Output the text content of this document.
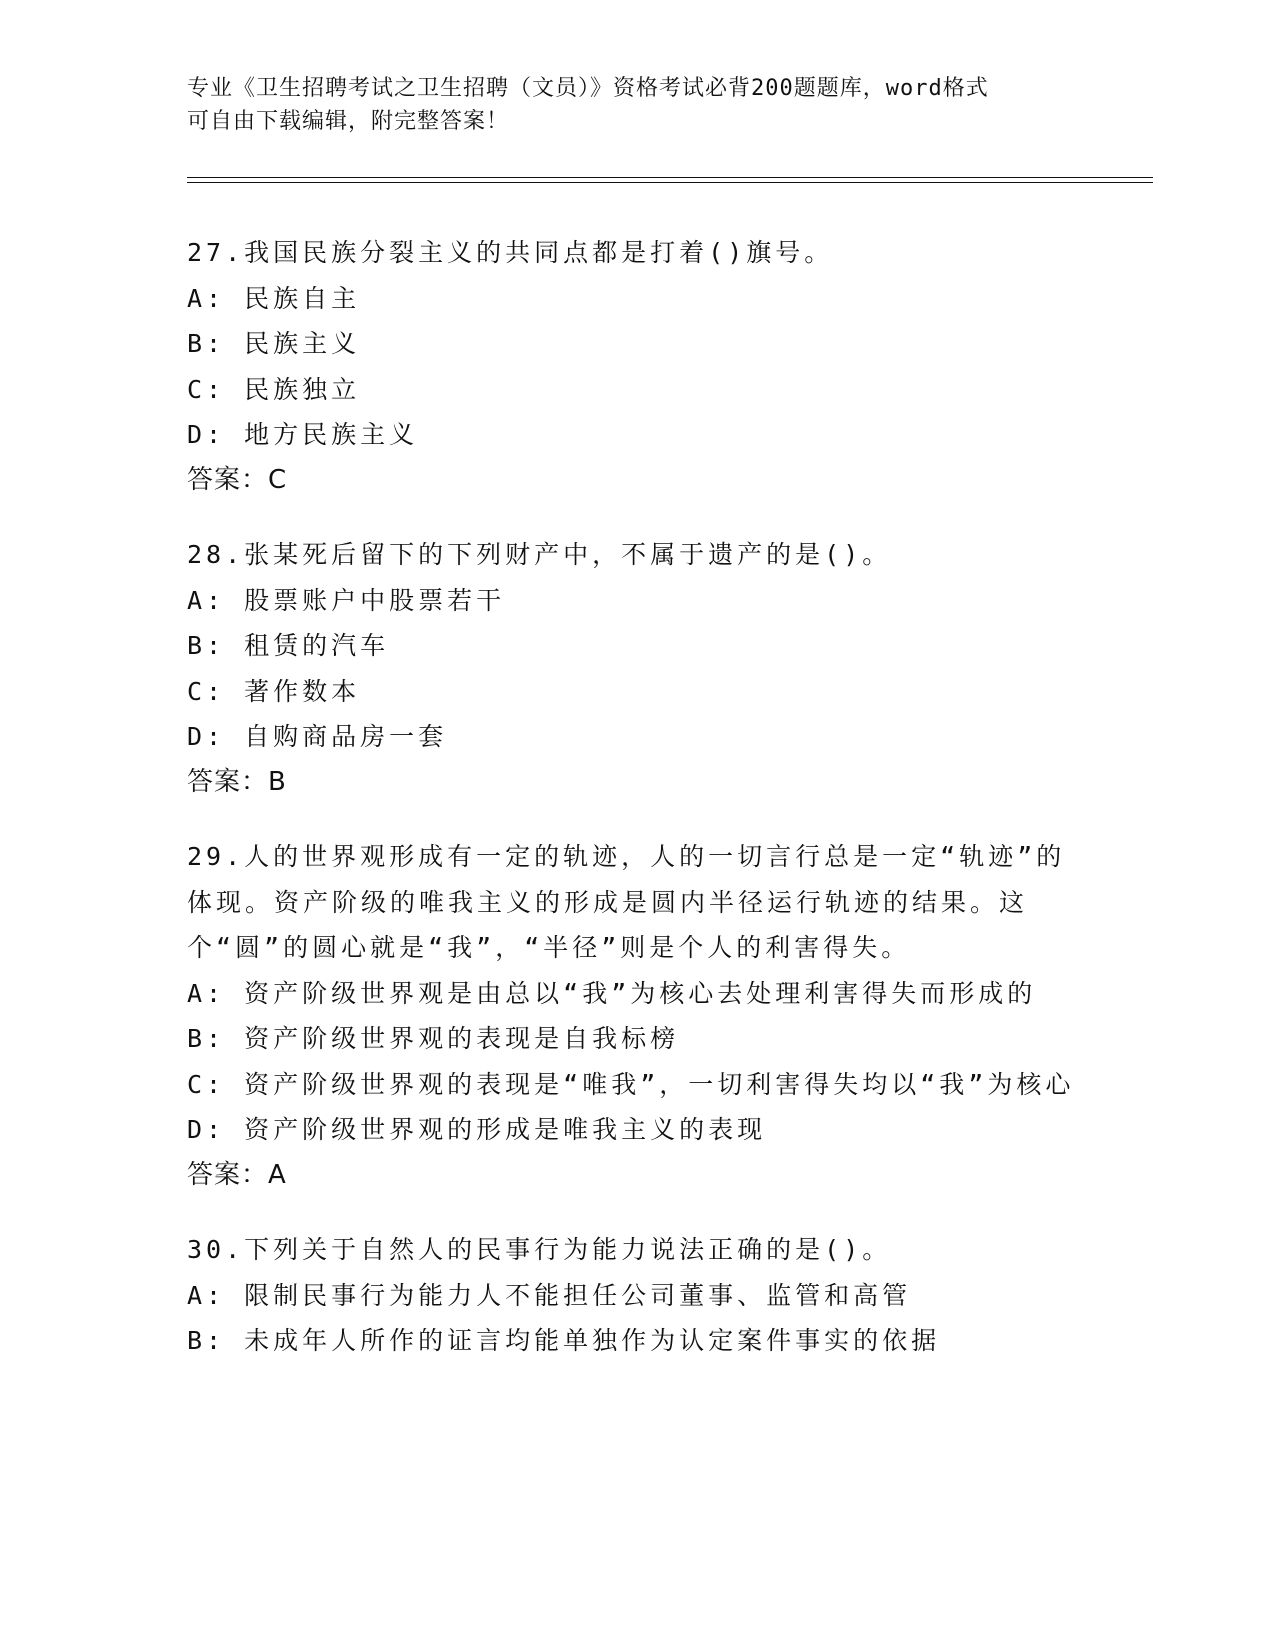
专业《卫生招聘考试之卫生招聘（文员）》资格考试必背200题题库，word格式
可自由下载编辑，附完整答案！
27.我国民族分裂主义的共同点都是打着()旗号。
A: 民族自主
B: 民族主义
C: 民族独立
D: 地方民族主义
答案：C
28.张某死后留下的下列财产中，不属于遗产的是()。
A: 股票账户中股票若干
B: 租赁的汽车
C: 著作数本
D: 自购商品房一套
答案：B
29.人的世界观形成有一定的轨迹，人的一切言行总是一定“轨迹”的体现。资产阶级的唯我主义的形成是圆内半径运行轨迹的结果。这个“圆”的圆心就是“我”，“半径”则是个人的利害得失。
A: 资产阶级世界观是由总以“我”为核心去处理利害得失而形成的
B: 资产阶级世界观的表现是自我标榜
C: 资产阶级世界观的表现是“唯我”，一切利害得失均以“我”为核心
D: 资产阶级世界观的形成是唯我主义的表现
答案：A
30.下列关于自然人的民事行为能力说法正确的是()。
A: 限制民事行为能力人不能担任公司董事、监管和高管
B: 未成年人所作的证言均能单独作为认定案件事实的依据
